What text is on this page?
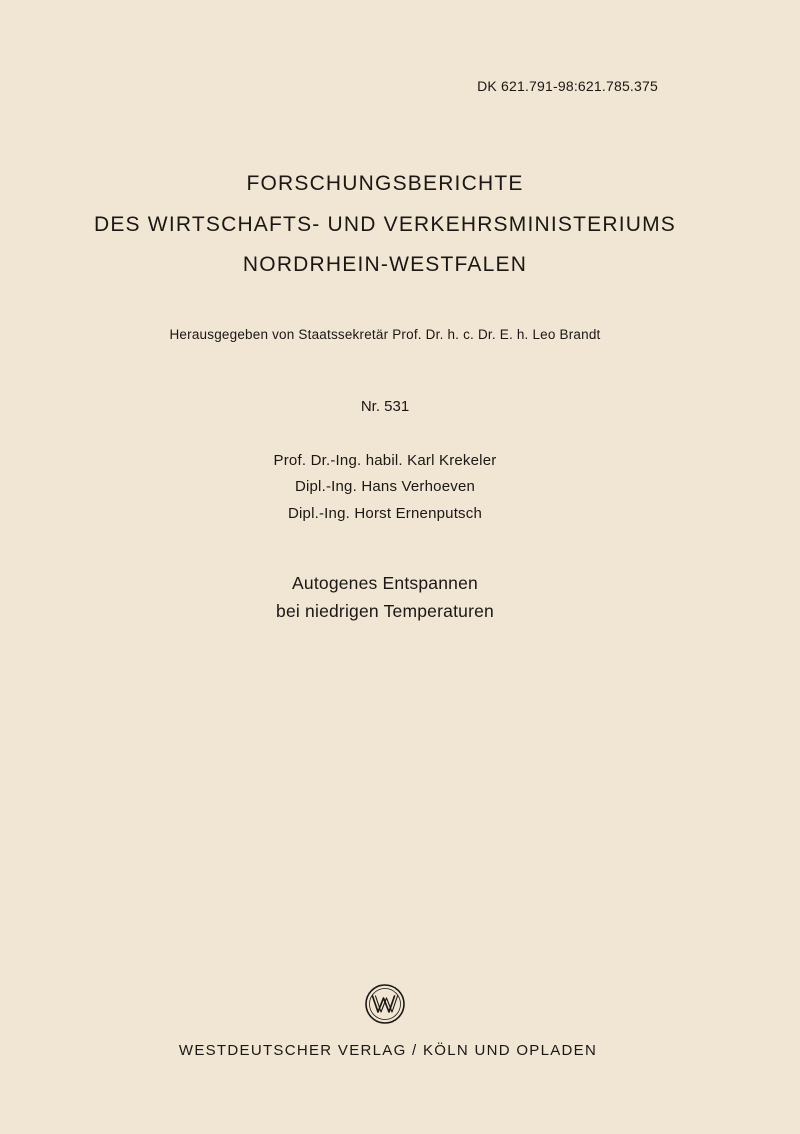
DK 621.791-98:621.785.375
FORSCHUNGSBERICHTE
DES WIRTSCHAFTS- UND VERKEHRSMINISTERIUMS
NORDRHEIN-WESTFALEN
Herausgegeben von Staatssekretär Prof. Dr. h. c. Dr. E. h. Leo Brandt
Nr. 531
Prof. Dr.-Ing. habil. Karl Krekeler
Dipl.-Ing. Hans Verhoeven
Dipl.-Ing. Horst Ernenputsch
Autogenes Entspannen
bei niedrigen Temperaturen
WESTDEUTSCHER VERLAG / KÖLN UND OPLADEN
